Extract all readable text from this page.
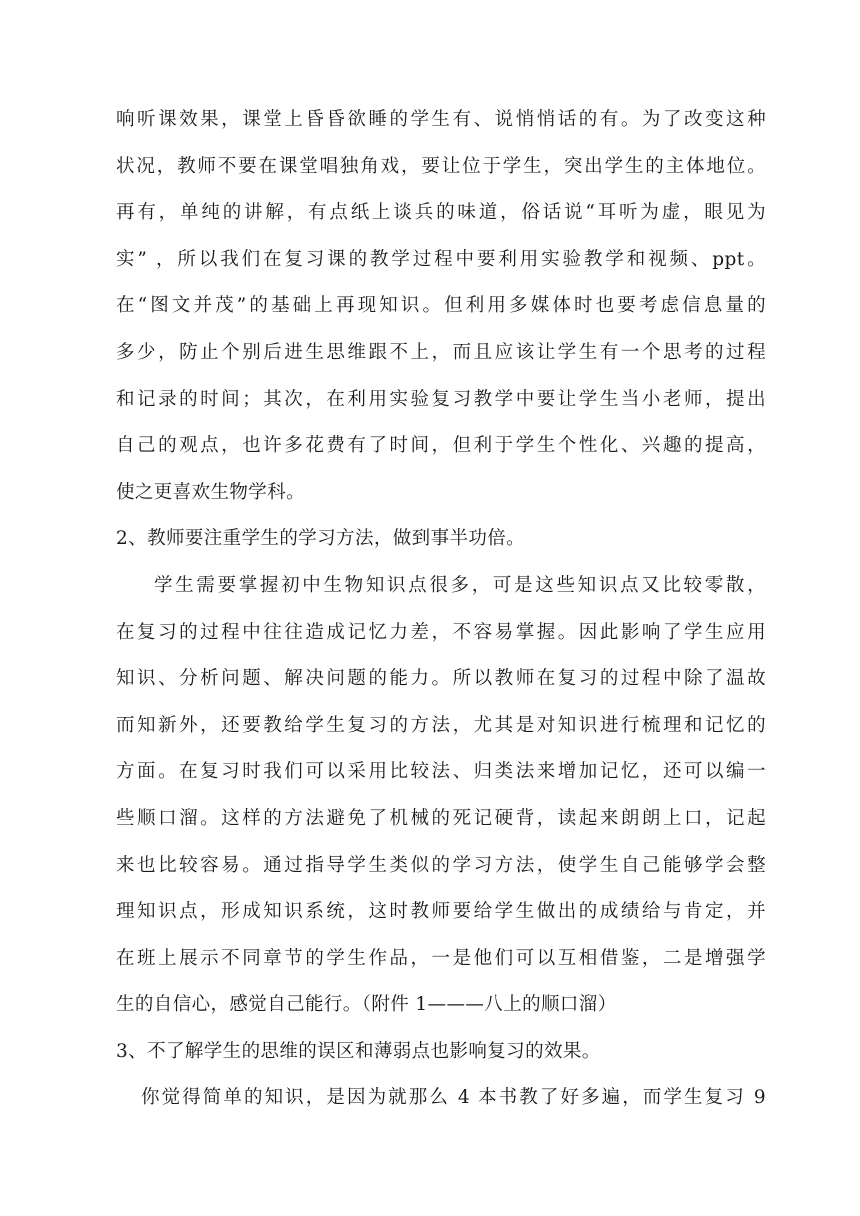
响听课效果，课堂上昏昏欲睡的学生有、说悄悄话的有。为了改变这种
状况，教师不要在课堂唱独角戏，要让位于学生，突出学生的主体地位。
再有，单纯的讲解，有点纸上谈兵的味道，俗话说“耳听为虚，眼见为
实” ，所以我们在复习课的教学过程中要利用实验教学和视频、ppt。
在“图文并茂”的基础上再现知识。但利用多媒体时也要考虑信息量的
多少，防止个别后进生思维跟不上，而且应该让学生有一个思考的过程
和记录的时间；其次，在利用实验复习教学中要让学生当小老师，提出
自己的观点，也许多花费有了时间，但利于学生个性化、兴趣的提高，
使之更喜欢生物学科。
2、教师要注重学生的学习方法，做到事半功倍。
学生需要掌握初中生物知识点很多，可是这些知识点又比较零散，
在复习的过程中往往造成记忆力差，不容易掌握。因此影响了学生应用
知识、分析问题、解决问题的能力。所以教师在复习的过程中除了温故
而知新外，还要教给学生复习的方法，尤其是对知识进行梳理和记忆的
方面。在复习时我们可以采用比较法、归类法来增加记忆，还可以编一
些顺口溜。这样的方法避免了机械的死记硬背，读起来朗朗上口，记起
来也比较容易。通过指导学生类似的学习方法，使学生自己能够学会整
理知识点，形成知识系统，这时教师要给学生做出的成绩给与肯定，并
在班上展示不同章节的学生作品，一是他们可以互相借鉴，二是增强学
生的自信心，感觉自己能行。（附件 1———八上的顺口溜）
3、不了解学生的思维的误区和薄弱点也影响复习的效果。
你觉得简单的知识，是因为就那么 4 本书教了好多遍，而学生复习 9
